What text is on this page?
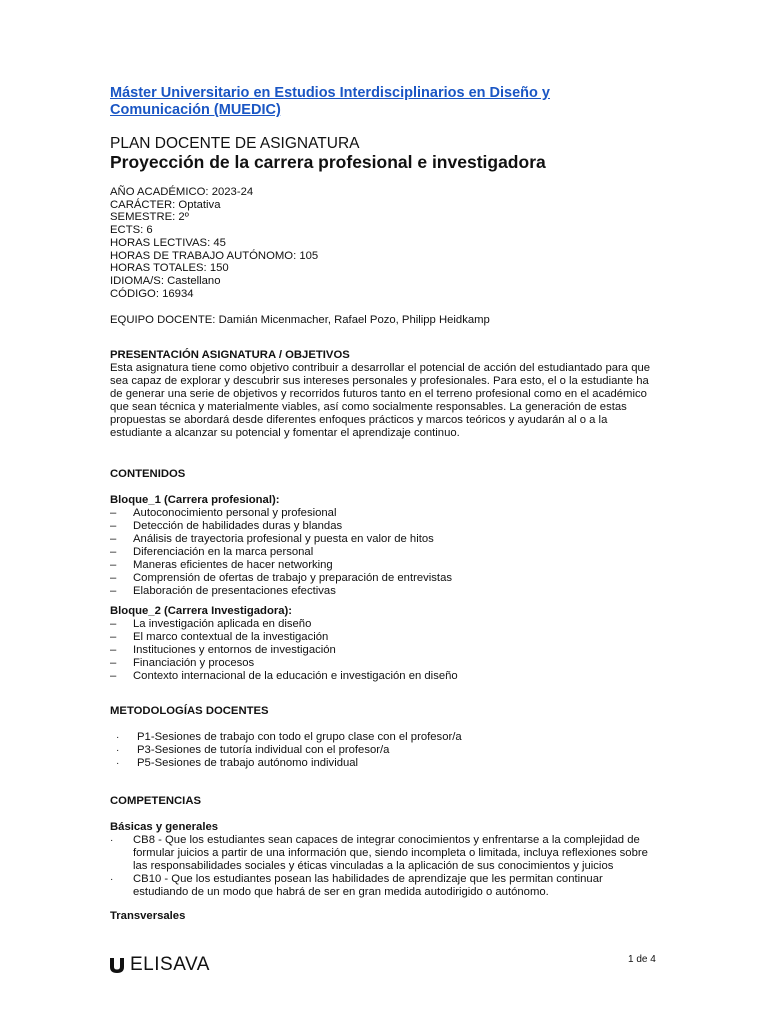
Máster Universitario en Estudios Interdisciplinarios en Diseño y Comunicación (MUEDIC)
PLAN DOCENTE DE ASIGNATURA
Proyección de la carrera profesional e investigadora
AÑO ACADÉMICO: 2023-24
CARÁCTER: Optativa
SEMESTRE: 2º
ECTS: 6
HORAS LECTIVAS: 45
HORAS DE TRABAJO AUTÓNOMO: 105
HORAS TOTALES: 150
IDIOMA/S: Castellano
CÓDIGO: 16934
EQUIPO DOCENTE: Damián Micenmacher, Rafael Pozo, Philipp Heidkamp
PRESENTACIÓN ASIGNATURA / OBJETIVOS

Esta asignatura tiene como objetivo contribuir a desarrollar el potencial de acción del estudiantado para que sea capaz de explorar y descubrir sus intereses personales y profesionales. Para esto, el o la estudiante ha de generar una serie de objetivos y recorridos futuros tanto en el terreno profesional como en el académico que sean técnica y materialmente viables, así como socialmente responsables. La generación de estas propuestas se abordará desde diferentes enfoques prácticos y marcos teóricos y ayudarán al o a la estudiante a alcanzar su potencial y fomentar el aprendizaje continuo.

CONTENIDOS
Bloque_1 (Carrera profesional):
– Autoconocimiento personal y profesional
– Detección de habilidades duras y blandas
– Análisis de trayectoria profesional y puesta en valor de hitos
– Diferenciación en la marca personal
– Maneras eficientes de hacer networking
– Comprensión de ofertas de trabajo y preparación de entrevistas
– Elaboración de presentaciones efectivas
Bloque_2 (Carrera Investigadora):
– La investigación aplicada en diseño
– El marco contextual de la investigación
– Instituciones y entornos de investigación
– Financiación y procesos
– Contexto internacional de la educación e investigación en diseño
METODOLOGÍAS DOCENTES
· P1-Sesiones de trabajo con todo el grupo clase con el profesor/a
· P3-Sesiones de tutoría individual con el profesor/a
· P5-Sesiones de trabajo autónomo individual
COMPETENCIAS
Básicas y generales
· CB8 - Que los estudiantes sean capaces de integrar conocimientos y enfrentarse a la complejidad de formular juicios a partir de una información que, siendo incompleta o limitada, incluya reflexiones sobre las responsabilidades sociales y éticas vinculadas a la aplicación de sus conocimientos y juicios
· CB10 - Que los estudiantes posean las habilidades de aprendizaje que les permitan continuar estudiando de un modo que habrá de ser en gran medida autodirigido o autónomo.
Transversales
ELISAVA	1 de 4
